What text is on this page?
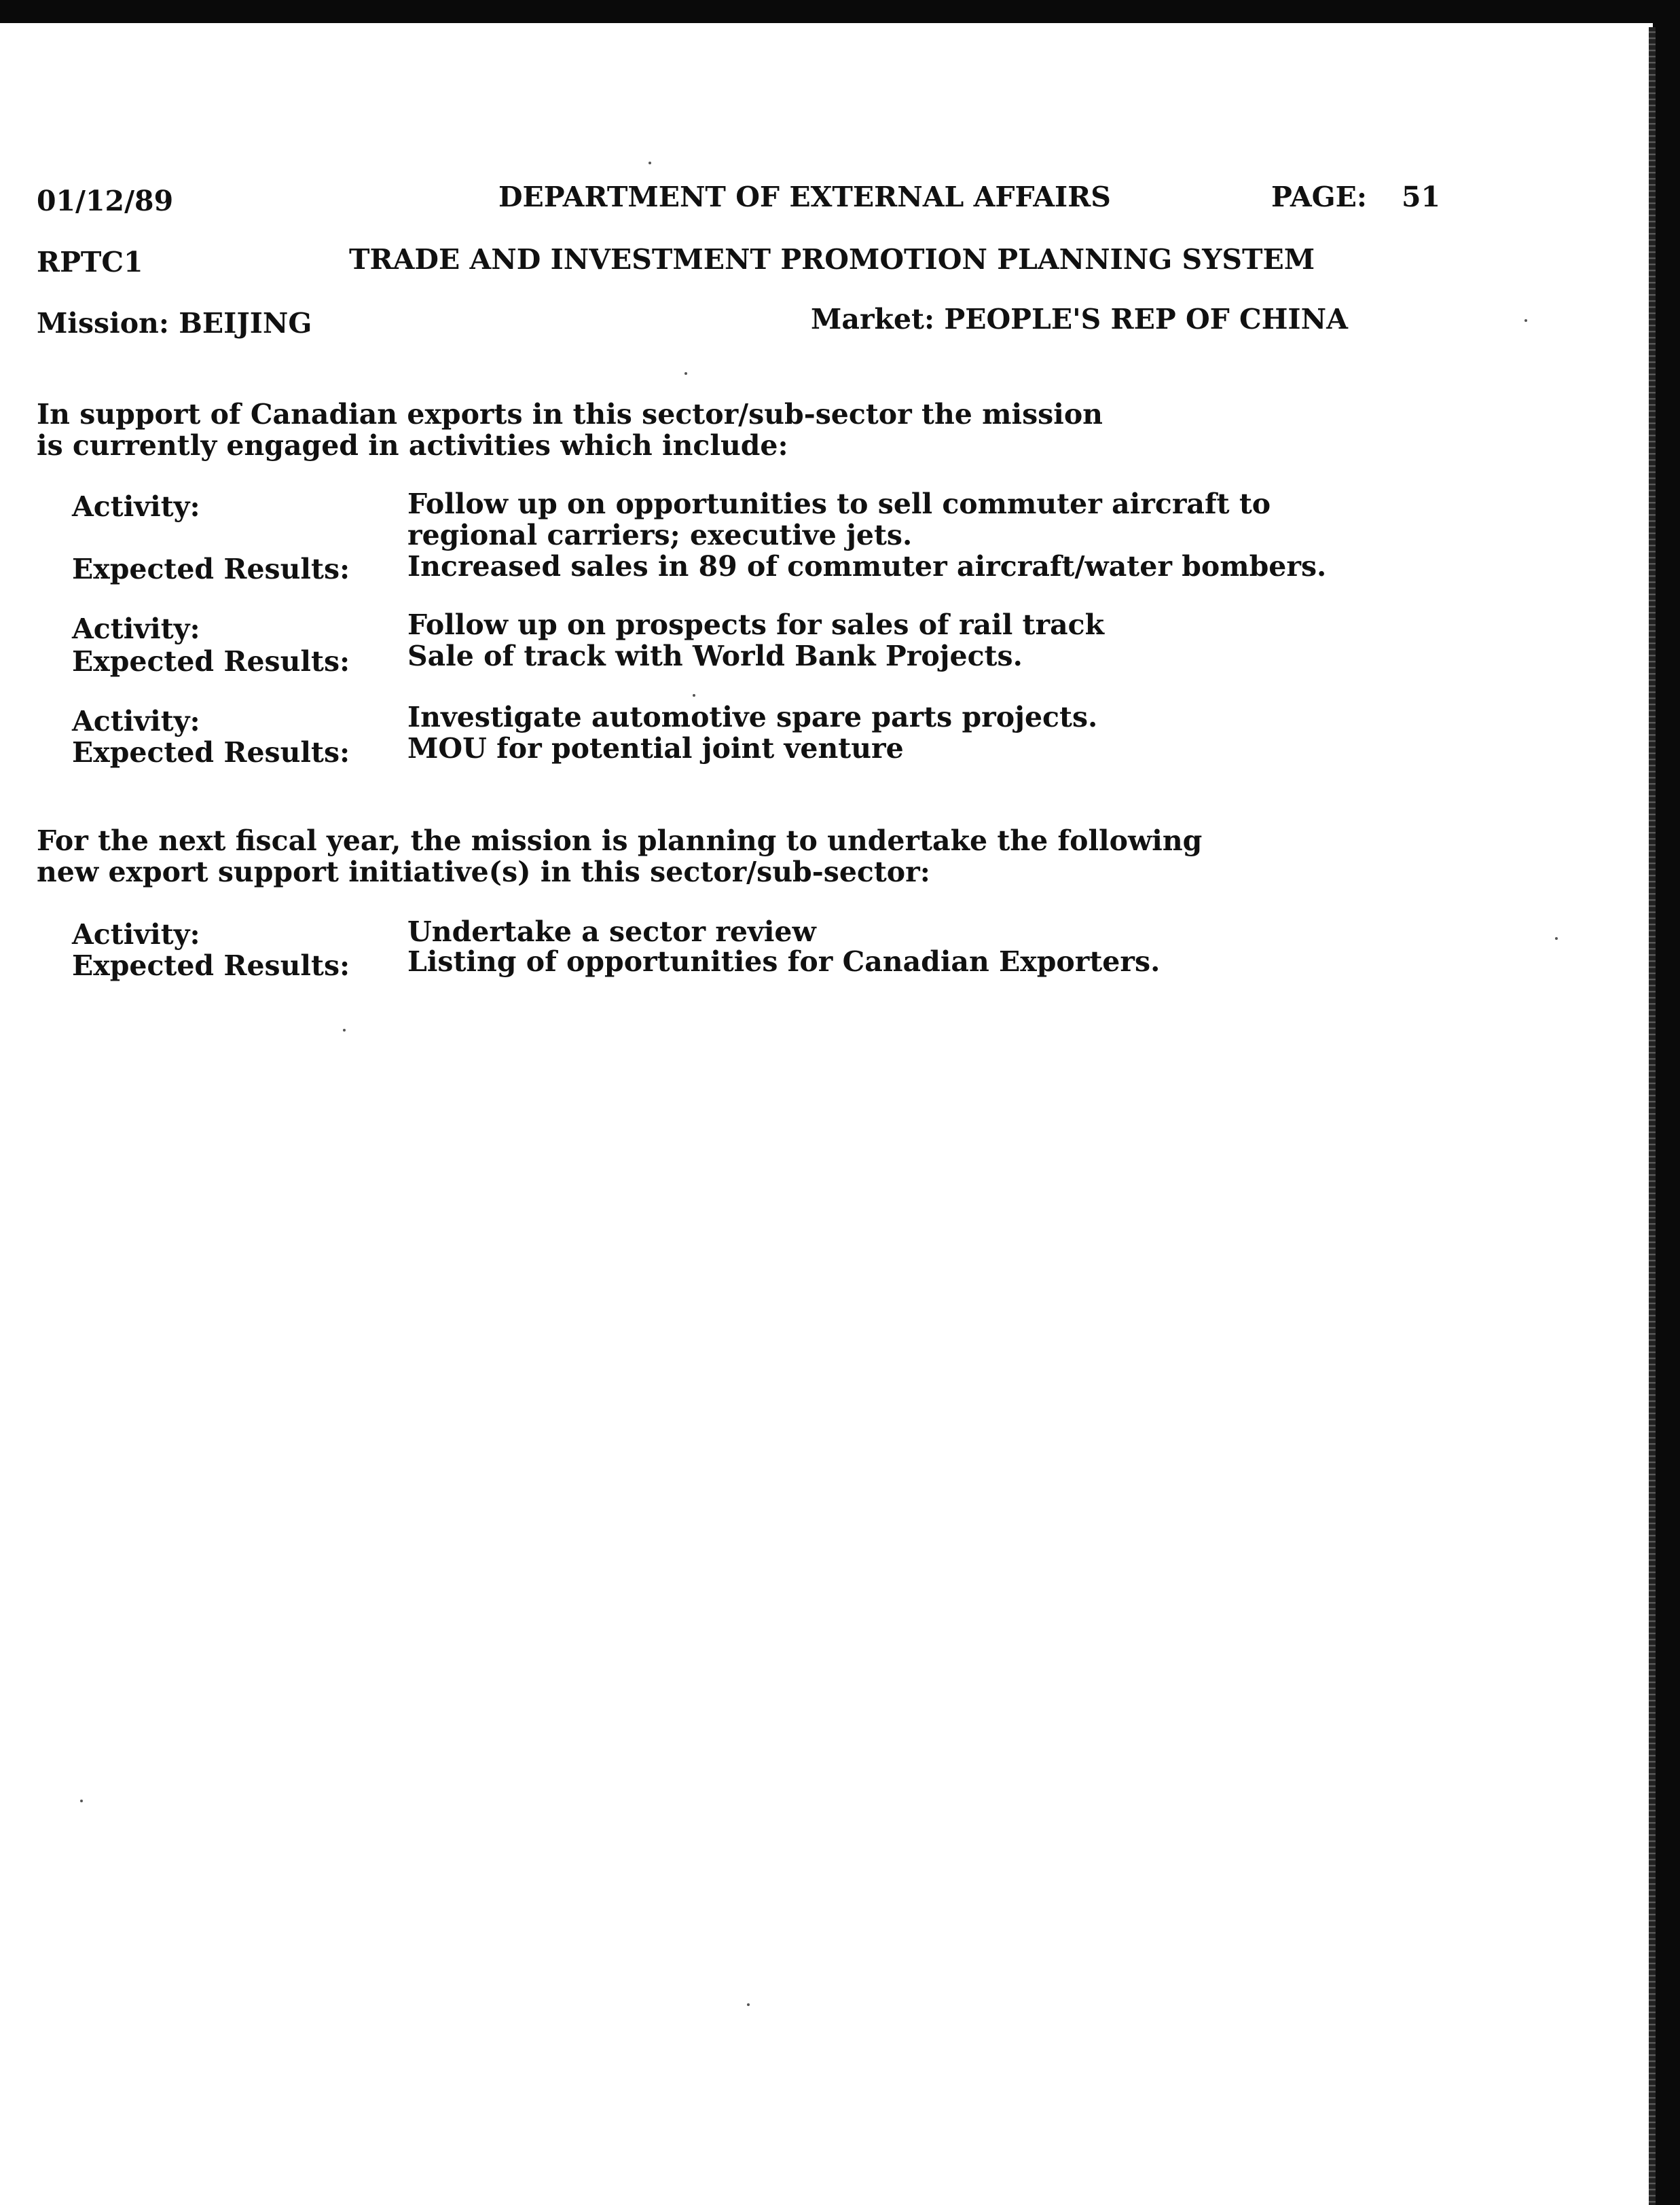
01/12/89	DEPARTMENT OF EXTERNAL AFFAIRS	PAGE: 51
RPTC1	TRADE AND INVESTMENT PROMOTION PLANNING SYSTEM
Mission: BEIJING	Market: PEOPLE'S REP OF CHINA
In support of Canadian exports in this sector/sub-sector the mission
is currently engaged in activities which include:
Activity:	Follow up on opportunities to sell commuter aircraft to
regional carriers; executive jets.
Expected Results: Increased sales in 89 of commuter aircraft/water bombers.
Activity:	Follow up on prospects for sales of rail track
Expected Results: Sale of track with World Bank Projects.
Activity:	Investigate automotive spare parts projects.
Expected Results: MOU for potential joint venture
For the next fiscal year, the mission is planning to undertake the following
new export support initiative(s) in this sector/sub-sector:
Activity:	Undertake a sector review
Expected Results: Listing of opportunities for Canadian Exporters.
